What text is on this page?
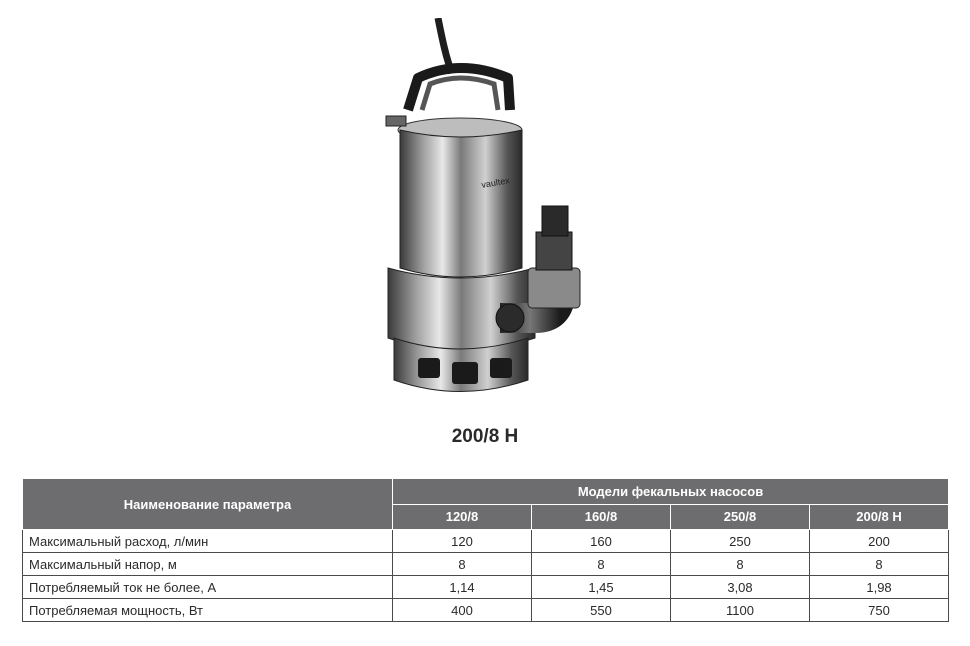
vaultex
200/8 H
Наименование параметра	Модели фекальных насосов			
	120/8	160/8	250/8	200/8 H
Максимальный расход, л/мин	120	160	250	200
Максимальный напор, м	8	8	8	8
Потребляемый ток не более, А	1,14	1,45	3,08	1,98
Потребляемая мощность, Вт	400	550	1100	750
